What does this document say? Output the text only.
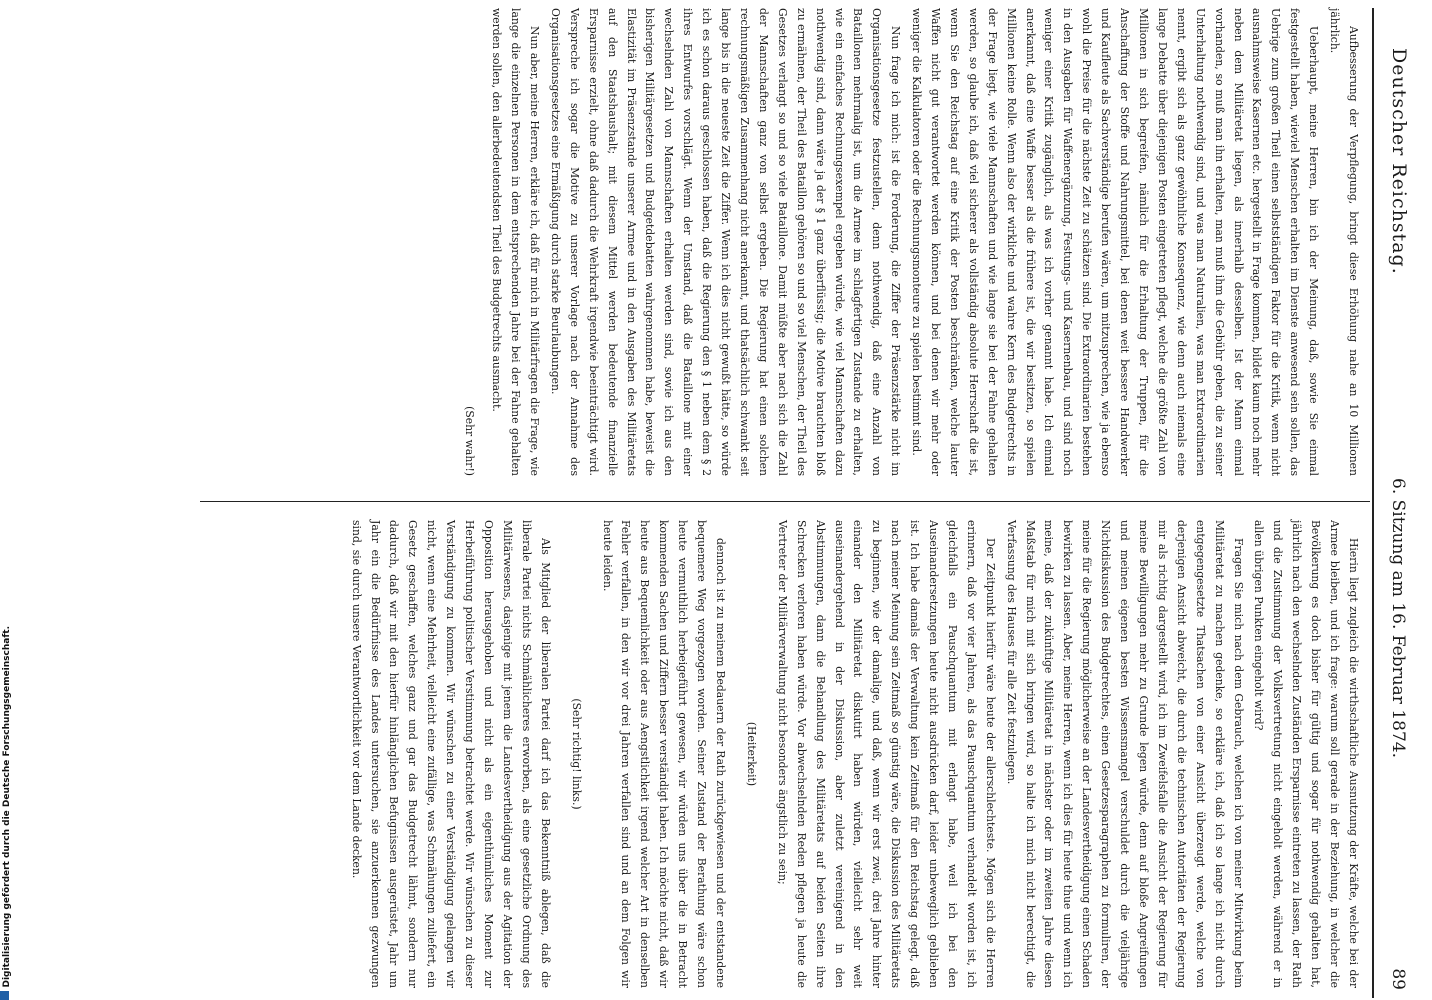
Deutscher Reichstag.
6. Sitzung am 16. Februar 1874.
89

Aufbesserung der Verpflegung, bringt diese Erhöhung nahe an 10 Millionen jährlich.

Ueberhaupt, meine Herren, bin ich der Meinung, daß, sowie Sie einmal festgestellt haben, wieviel Menschen erhalten im Dienste anwesend sein sollen, das Uebrige zum großen Theil einen selbstständigen Faktor für die Kritik, wenn nicht ausnahmsweise Kasernen etc. hergestellt in Frage kommen, bildet kaum noch mehr neben dem Militäretat liegen, als innerhalb desselben. Ist der Mann einmal vorhanden, so muß man ihn erhalten, man muß ihm die Gebühr geben, die zu seiner Unterhaltung nothwendig sind, und was man Naturalien, was man Extraordinarien nennt, ergibt sich als ganz gewöhnliche Konsequenz, wie denn auch niemals eine lange Debatte über diejenigen Posten eingetreten pflegt, welche die größte Zahl von Millionen in sich begreifen, nämlich für die Erhaltung der Truppen, für die Anschaffung der Stoffe und Nahrungsmittel, bei denen weit bessere Handwerker und Kaufleute als Sachverständige berufen wären, um mitzusprechen, wie ja ebenso wohl die Preise für die nächste Zeit zu schätzen sind. Die Extraordinarien bestehen in den Ausgaben für Waffenergänzung, Festungs- und Kasernenbau, und sind noch weniger einer Kritik zugänglich, als was ich vorher genannt habe. Ich einmal anerkannt, daß eine Waffe besser als die frühere ist, die wir besitzen, so spielen Millionen keine Rolle. Wenn also der wirkliche und wahre Kern des Budgetrechts in der Frage liegt, wie viele Mannschaften und wie lange sie bei der Fahne gehalten werden, so glaube ich, daß viel sicherer als vollständig absolute Herrschaft die ist, wenn Sie den Reichstag auf eine Kritik der Posten beschränken, welche lauter Waffen nicht gut verantwortet werden können, und bei denen wir mehr oder weniger die Kalkulatoren oder die Rechnungsmonteure zu spielen bestimmt sind.

Nun frage ich mich: ist die Forderung, die Ziffer der Präsenzstärke nicht im Organisationsgesetze festzustellen, denn nothwendig, daß eine Anzahl von Bataillonen mehrmalig ist, um die Armee im schlagfertigen Zustande zu erhalten, wie ein einfaches Rechnungsexempel ergeben würde, wie viel Mannschaften dazu nothwendig sind, dann wäre ja der § 1 ganz überflüssig; die Motive brauchten bloß zu ermähnen, der Theil des Bataillon gehören so und so viel Menschen, der Theil des Gesetzes verlangt so und so viele Bataillone. Damit müßte aber nach sich die Zahl der Mannschaften ganz von selbst ergeben. Die Regierung hat einen solchen rechnungsmäßigen Zusammenhang nicht anerkannt, und thatsächlich schwankt seit lange bis in die neueste Zeit die Ziffer. Wenn ich dies nicht gewußt hätte, so würde ich es schon daraus geschlossen haben, daß die Regierung den § 1 neben dem § 2 ihres Entwurfes vorschlägt. Wenn der Umstand, daß die Bataillone mit einer wechselnden Zahl von Mannschaften erhalten werden sind, sowie ich aus den bisherigen Militärgesetzen und Budgetdebatten wahrgenommen habe, beweist die Elastizität im Präsenzstande unserer Armee und in den Ausgaben des Militäretats auf den Staatshaushalt; mit diesem Mittel werden bedeutende finanzielle Ersparnisse erzielt, ohne daß dadurch die Wehrkraft irgendwie beeinträchtigt wird. Verspreche ich sogar die Motive zu unserer Vorlage nach der Annahme des Organisationsgesetzes eine Ermäßigung durch starke Beurlaubungen.

Nun aber, meine Herren, erkläre ich, daß für mich in Militärfragen die Frage, wie lange die einzelnen Personen in dem entsprechenden Jahre bei der Fahne gehalten werden sollen, den allerbedeutendsten Theil des Budgetrechts ausmacht.

(Sehr wahr!)

Hierin liegt zugleich die wirthschaftliche Ausnutzung der Kräfte, welche bei der Armee bleiben, und ich frage: warum soll gerade in der Beziehung, in welcher die Bevölkerung es doch bisher für gültig und sogar für nothwendig gehalten hat, jährlich nach den wechselnden Zuständen Ersparnisse eintreten zu lassen, der Rath und die Zustimmung der Volksvertretung nicht eingeholt werden, während er in allen übrigen Punkten eingeholt wird?

Fragen Sie mich nach dem Gebrauch, welchen ich von meiner Mitwirkung beim Militäretat zu machen gedenke, so erkläre ich, daß ich so lange ich nicht durch entgegengesetzte Thatsachen von einer Ansicht überzeugt werde, welche von derjenigen Ansicht abweicht, die durch die technischen Autoritäten der Regierung mir als richtig dargestellt wird, ich im Zweifelsfalle die Ansicht der Regierung für meine Bewilligungen mehr zu Grunde legen würde, denn auf bloße Angreifungen und meinen eigenen besten Wissensmangel verschuldet durch die vieljährige Nichtdiskussion des Budgetrechtes, einen Gesetzesparagraphen zu formuliren, der meine für die Regierung möglicherweise an der Landesvertheidigung einen Schaden bewirken zu lassen. Aber, meine Herren, wenn ich dies für heute thue und wenn ich meine, daß der zukünftige Militäretat in nächster oder im zweiten Jahre diesen Maßstab für mich mit sich bringen wird, so halte ich mich nicht berechtigt, die Verfassung des Hauses für alle Zeit festzulegen.

Der Zeitpunkt hierfür wäre heute der allerschlechteste. Mögen sich die Herren erinnern, daß vor vier Jahren, als das Pauschquantum verhandelt worden ist, ich gleichfalls ein Pauschquantum mit erlangt habe, weil ich bei den Auseinandersetzungen heute nicht ausdrücken darf, leider unbeweglich geblieben ist. Ich habe damals der Verwaltung kein Zeitmaß für den Reichstag gelegt, daß nach meiner Meinung sein Zeitmaß so günstig wäre, die Diskussion des Militäretats zu beginnen, wie der damalige, und daß, wenn wir erst zwei, drei Jahre hinter einander den Militäretat diskutirt haben würden, vielleicht sehr weit auseinandergehend in der Diskussion, aber zuletzt vereinigend in den Abstimmungen, dann die Behandlung des Militäretats auf beiden Seiten ihre Schrecken verloren haben würde. Vor abwechselnden Reden pflegen ja heute die Vertreter der Militärverwaltung nicht besonders ängstlich zu sein;

(Heiterkeit)

dennoch ist zu meinem Bedauern der Rath zurückgewiesen und der entstandene bequemere Weg vorgezogen worden. Seiner Zustand der Berathung wäre schon heute vermuthlich herbeigeführt gewesen, wir würden uns über die in Betracht kommenden Sachen und Ziffern besser verständigt haben. Ich möchte nicht, daß wir heute aus Bequemlichkeit oder aus Aengstlichkeit irgend welcher Art in denselben Fehler verfallen, in den wir vor drei Jahren verfallen sind und an dem Folgen wir heute leiden.

(Sehr richtig! links.)

Als Mitglied der liberalen Partei darf ich das Bekenntniß ablegen, daß die liberale Partei nichts Schmählicheres erworben, als eine gesetzliche Ordnung des Militärwesens, dasjenige mit jenem die Landesvertheidigung aus der Agitation der Opposition herausgehoben und nicht als ein eigenthümliches Moment zur Herbeiführung politischer Verstimmung betrachtet werde. Wir wünschen zu dieser Verständigung zu kommen. Wir wünschen zu einer Verständigung gelangen wir nicht, wenn eine Mehrheit, vielleicht eine zufällige, was Schmähungen zuliefert, ein Gesetz geschaffen, welches ganz und gar das Budgetrecht lähmt, sondern nur dadurch, daß wir mit den hierfür hinlänglichen Befugnissen ausgerüstet, Jahr um Jahr ein die Bedürfnisse des Landes untersuchen, sie anzuerkennen gezwungen sind, sie durch unsere Verantwortlichkeit vor dem Lande decken.

Digitalisierung gefördert durch die Deutsche Forschungsgemeinschaft.
